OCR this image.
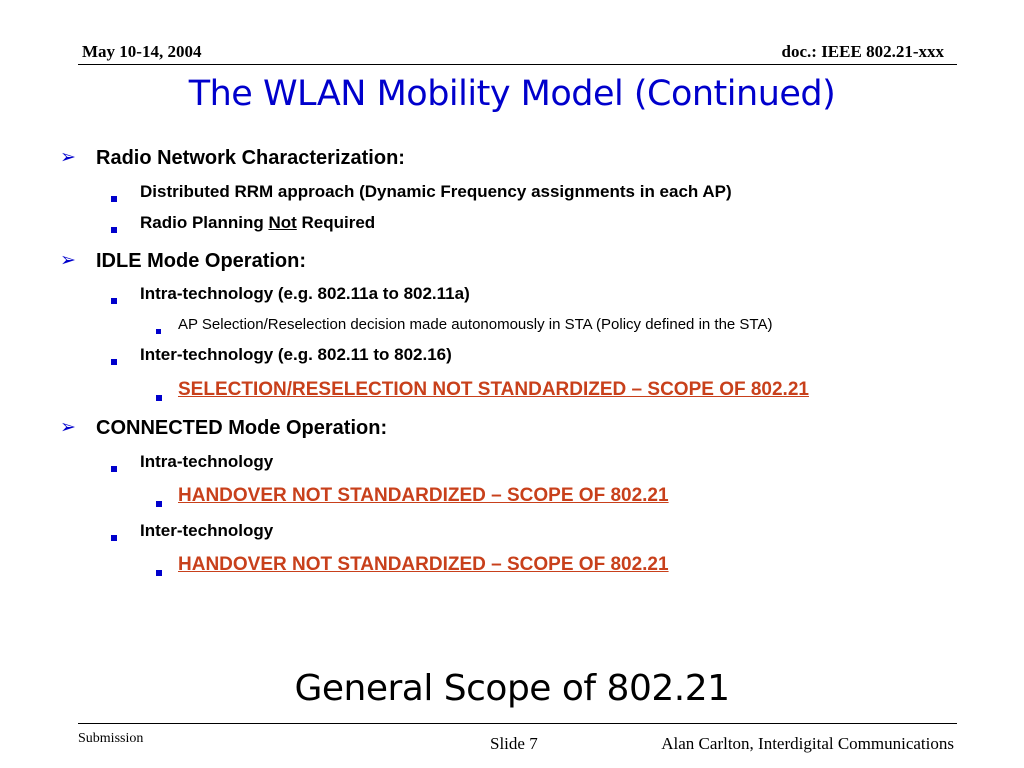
May 10-14, 2004	doc.: IEEE 802.21-xxx
The WLAN Mobility Model (Continued)
➢ Radio Network Characterization:
Distributed RRM approach (Dynamic Frequency assignments in each AP)
Radio Planning Not Required
➢ IDLE Mode Operation:
Intra-technology (e.g. 802.11a to 802.11a)
AP Selection/Reselection decision made autonomously in STA (Policy defined in the STA)
Inter-technology (e.g. 802.11 to 802.16)
SELECTION/RESELECTION NOT STANDARDIZED – SCOPE OF 802.21
➢ CONNECTED Mode Operation:
Intra-technology
HANDOVER NOT STANDARDIZED – SCOPE OF 802.21
Inter-technology
HANDOVER NOT STANDARDIZED – SCOPE OF 802.21
General Scope of 802.21
Submission	Slide 7	Alan Carlton, Interdigital Communications
